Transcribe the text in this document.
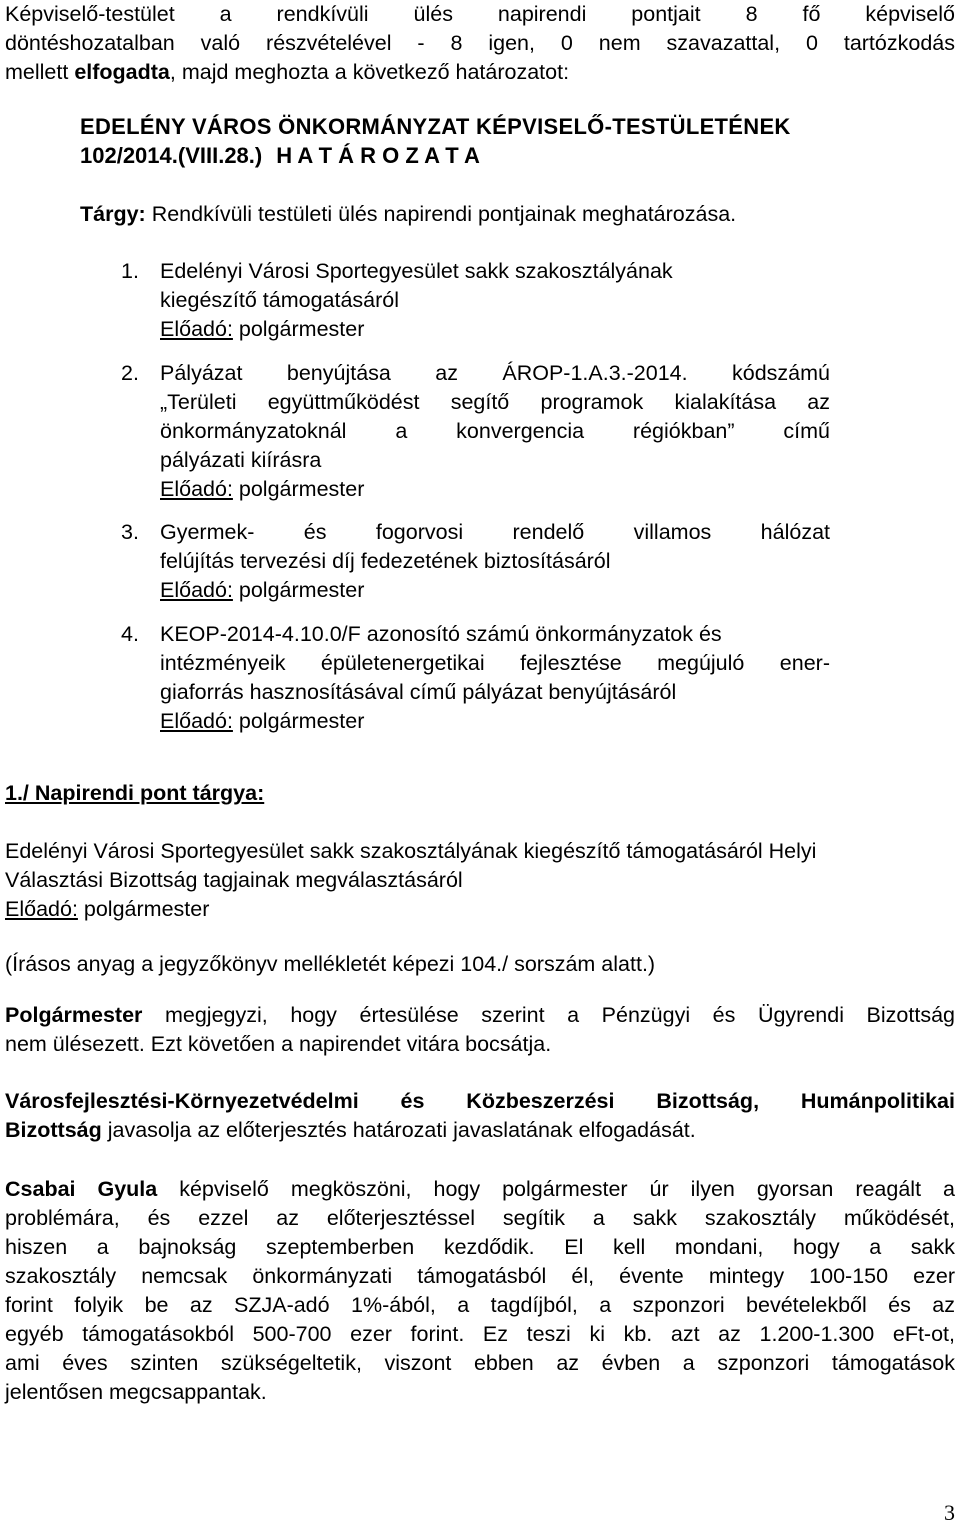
Képviselő-testület a rendkívüli ülés napirendi pontjait 8 fő képviselő

döntéshozatalban való részvételével - 8 igen, 0 nem szavazattal, 0 tartózkodás

mellett elfogadta, majd meghozta a következő határozatot:

EDELÉNY VÁROS ÖNKORMÁNYZAT KÉPVISELŐ-TESTÜLETÉNEK

102/2014.(VIII.28.) H A T Á R O Z A T A

Tárgy: Rendkívüli testületi ülés napirendi pontjainak meghatározása.

1. Edelényi Városi Sportegyesület sakk szakosztályának

kiegészítő támogatásáról

Előadó: polgármester

2. Pályázat benyújtása az ÁROP-1.A.3.-2014. kódszámú

„Területi együttműködést segítő programok kialakítása az

önkormányzatoknál a konvergencia régiókban” című

pályázati kiírásra

Előadó: polgármester

3. Gyermek- és fogorvosi rendelő villamos hálózat

felújítás tervezési díj fedezetének biztosításáról

Előadó: polgármester

4. KEOP-2014-4.10.0/F azonosító számú önkormányzatok és

intézményeik épületenergetikai fejlesztése megújuló ener-

giaforrás hasznosításával című pályázat benyújtásáról

Előadó: polgármester

1./ Napirendi pont tárgya:

Edelényi Városi Sportegyesület sakk szakosztályának kiegészítő támogatásáról Helyi

Választási Bizottság tagjainak megválasztásáról

Előadó: polgármester

(Írásos anyag a jegyzőkönyv mellékletét képezi 104./ sorszám alatt.)

Polgármester megjegyzi, hogy értesülése szerint a Pénzügyi és Ügyrendi Bizottság

nem ülésezett. Ezt követően a napirendet vitára bocsátja.

Városfejlesztési-Környezetvédelmi és Közbeszerzési Bizottság, Humánpolitikai

Bizottság javasolja az előterjesztés határozati javaslatának elfogadását.

Csabai Gyula képviselő megköszöni, hogy polgármester úr ilyen gyorsan reagált a

problémára, és ezzel az előterjesztéssel segítik a sakk szakosztály működését,

hiszen a bajnokság szeptemberben kezdődik. El kell mondani, hogy a sakk

szakosztály nemcsak önkormányzati támogatásból él, évente mintegy 100-150 ezer

forint folyik be az SZJA-adó 1%-ából, a tagdíjból, a szponzori bevételekből és az

egyéb támogatásokból 500-700 ezer forint. Ez teszi ki kb. azt az 1.200-1.300 eFt-ot,

ami éves szinten szükségeltetik, viszont ebben az évben a szponzori támogatások

jelentősen megcsappantak.

3
